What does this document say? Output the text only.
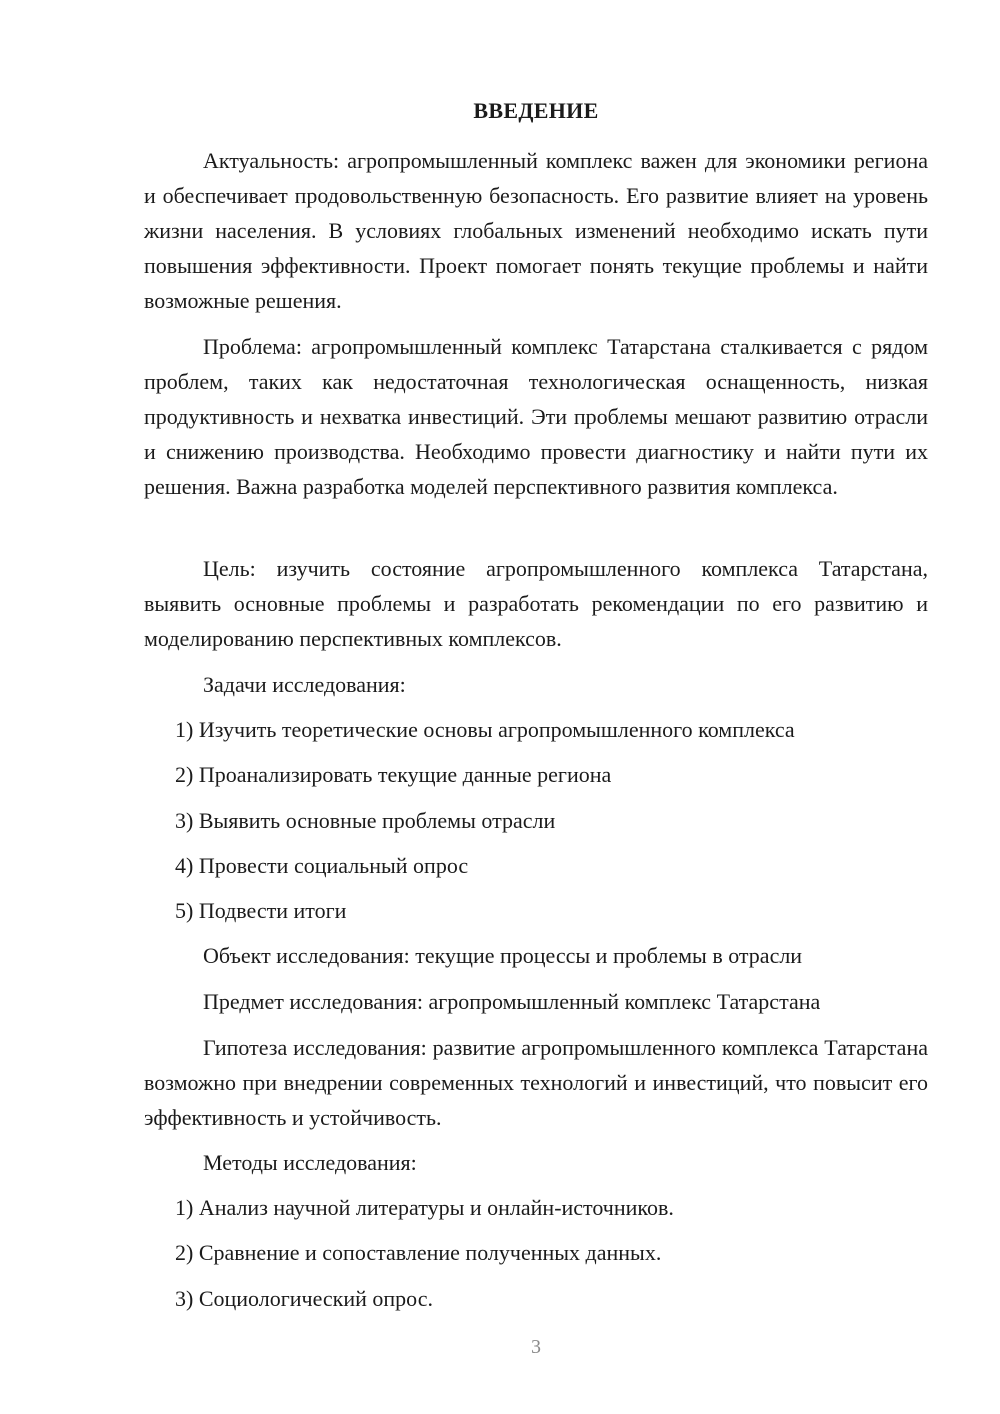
ВВЕДЕНИЕ

Актуальность: агропромышленный комплекс важен для экономики региона и обеспечивает продовольственную безопасность. Его развитие влияет на уровень жизни населения. В условиях глобальных изменений необходимо искать пути повышения эффективности. Проект помогает понять текущие проблемы и найти возможные решения.

Проблема: агропромышленный комплекс Татарстана сталкивается с рядом проблем, таких как недостаточная технологическая оснащенность, низкая продуктивность и нехватка инвестиций. Эти проблемы мешают развитию отрасли и снижению производства. Необходимо провести диагностику и найти пути их решения. Важна разработка моделей перспективного развития комплекса.

Цель: изучить состояние агропромышленного комплекса Татарстана, выявить основные проблемы и разработать рекомендации по его развитию и моделированию перспективных комплексов.

Задачи исследования:

1) Изучить теоретические основы агропромышленного комплекса

2) Проанализировать текущие данные региона

3) Выявить основные проблемы отрасли

4) Провести социальный опрос

5) Подвести итоги

Объект исследования: текущие процессы и проблемы в отрасли

Предмет исследования: агропромышленный комплекс Татарстана

Гипотеза исследования: развитие агропромышленного комплекса Татарстана возможно при внедрении современных технологий и инвестиций, что повысит его эффективность и устойчивость.

Методы исследования:

1) Анализ научной литературы и онлайн-источников.

2) Сравнение и сопоставление полученных данных.

3) Социологический опрос.

3
